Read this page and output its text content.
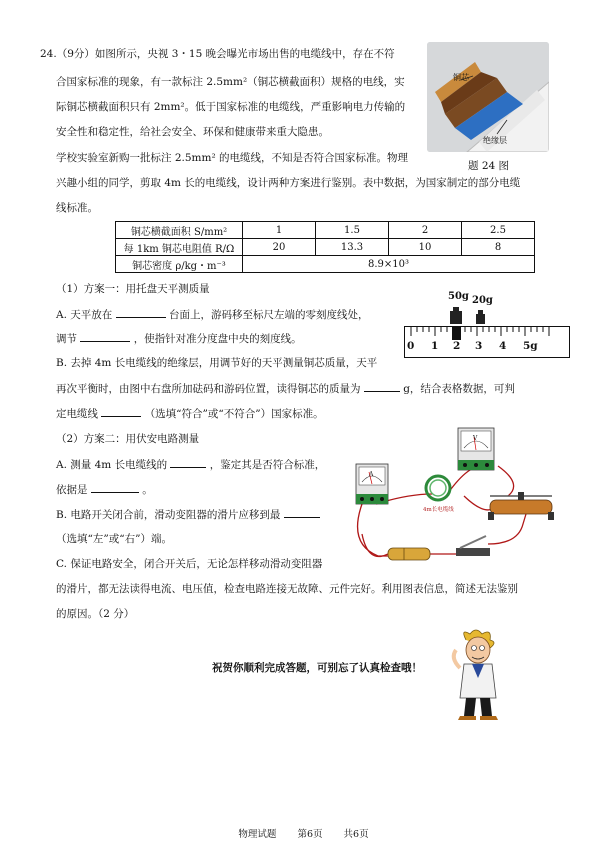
24.（9分）如图所示，央视 3・15 晚会曝光市场出售的电缆线中，存在不符
合国家标准的现象，有一款标注 2.5mm²（铜芯横截面积）规格的电线，实
际铜芯横截面积只有 2mm²。低于国家标准的电缆线，严重影响电力传输的
安全性和稳定性，给社会安全、环保和健康带来重大隐患。
学校实验室新购一批标注 2.5mm² 的电缆线，不知是否符合国家标准。物理
兴趣小组的同学，剪取 4m 长的电缆线，设计两种方案进行鉴别。表中数据，为国家制定的部分电缆
线标准。
铜芯
绝缘层
题 24 图
铜芯横截面积 S/mm²	1	1.5	2	2.5
每 1km 铜芯电阻值 R/Ω	20	13.3	10	8
铜芯密度 ρ/kg・m⁻³	8.9×10³			
（1）方案一：用托盘天平测质量
A. 天平放在	台面上，游码移至标尺左端的零刻度线处，
调节	，使指针对准分度盘中央的刻度线。
B. 去掉 4m 长电缆线的绝缘层，用调节好的天平测量铜芯质量，天平
再次平衡时，由图中右盘所加砝码和游码位置，读得铜芯的质量为	g，结合表格数据，可判
定电缆线	（选填“符合”或“不符合”）国家标准。
50g 20g
0 1 2 3 4 5g
（2）方案二：用伏安电路测量
A. 测量 4m 长电缆线的	，鉴定其是否符合标准，
依据是	。
B. 电路开关闭合前，滑动变阻器的滑片应移到最
（选填“左”或“右”）端。
C. 保证电路安全，闭合开关后，无论怎样移动滑动变阻器
的滑片，都无法读得电流、电压值，检查电路连接无故障、元件完好。利用图表信息，简述无法鉴别
的原因。（2 分）
A
V
4m长电缆线
祝贺你顺利完成答题，可别忘了认真检查哦！
物理试题 第6页 共6页
